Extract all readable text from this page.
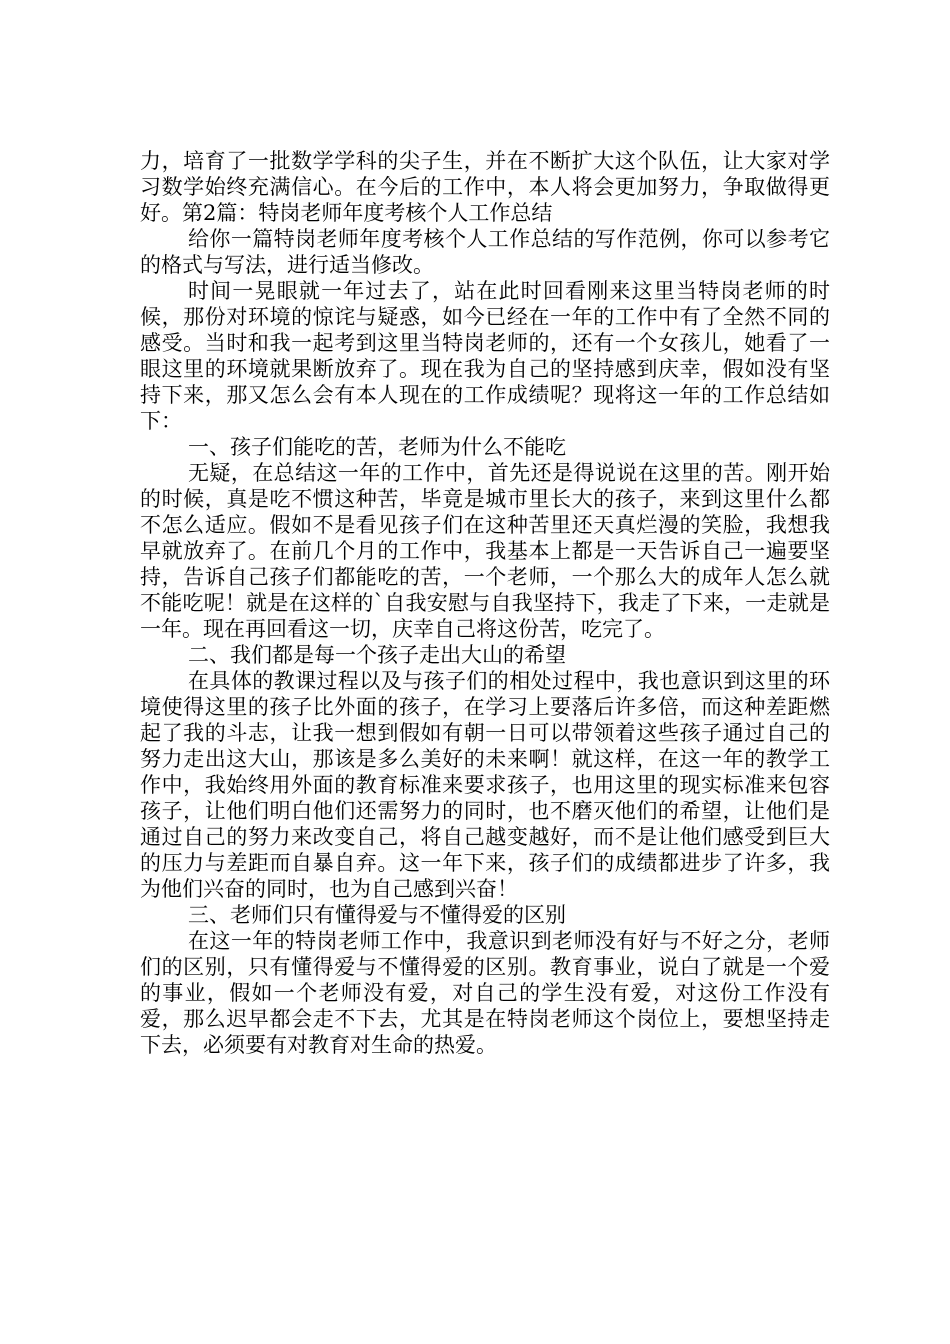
力，培育了一批数学学科的尖子生，并在不断扩大这个队伍，让大家对学习数学始终充满信心。在今后的工作中，本人将会更加努力，争取做得更好。第2篇：特岗老师年度考核个人工作总结

给你一篇特岗老师年度考核个人工作总结的写作范例，你可以参考它的格式与写法，进行适当修改。

时间一晃眼就一年过去了，站在此时回看刚来这里当特岗老师的时候，那份对环境的惊诧与疑惑，如今已经在一年的工作中有了全然不同的感受。当时和我一起考到这里当特岗老师的，还有一个女孩儿，她看了一眼这里的环境就果断放弃了。现在我为自己的坚持感到庆幸，假如没有坚持下来，那又怎么会有本人现在的工作成绩呢？现将这一年的工作总结如下：

一、孩子们能吃的苦，老师为什么不能吃

无疑，在总结这一年的工作中，首先还是得说说在这里的苦。刚开始的时候，真是吃不惯这种苦，毕竟是城市里长大的孩子，来到这里什么都不怎么适应。假如不是看见孩子们在这种苦里还天真烂漫的笑脸，我想我早就放弃了。在前几个月的工作中，我基本上都是一天告诉自己一遍要坚持，告诉自己孩子们都能吃的苦，一个老师，一个那么大的成年人怎么就不能吃呢！就是在这样的`自我安慰与自我坚持下，我走了下来，一走就是一年。现在再回看这一切，庆幸自己将这份苦，吃完了。

二、我们都是每一个孩子走出大山的希望

在具体的教课过程以及与孩子们的相处过程中，我也意识到这里的环境使得这里的孩子比外面的孩子，在学习上要落后许多倍，而这种差距燃起了我的斗志，让我一想到假如有朝一日可以带领着这些孩子通过自己的努力走出这大山，那该是多么美好的未来啊！就这样，在这一年的教学工作中，我始终用外面的教育标准来要求孩子，也用这里的现实标准来包容孩子，让他们明白他们还需努力的同时，也不磨灭他们的希望，让他们是通过自己的努力来改变自己，将自己越变越好，而不是让他们感受到巨大的压力与差距而自暴自弃。这一年下来，孩子们的成绩都进步了许多，我为他们兴奋的同时，也为自己感到兴奋！

三、老师们只有懂得爱与不懂得爱的区别

在这一年的特岗老师工作中，我意识到老师没有好与不好之分，老师们的区别，只有懂得爱与不懂得爱的区别。教育事业，说白了就是一个爱的事业，假如一个老师没有爱，对自己的学生没有爱，对这份工作没有爱，那么迟早都会走不下去，尤其是在特岗老师这个岗位上，要想坚持走下去，必须要有对教育对生命的热爱。
